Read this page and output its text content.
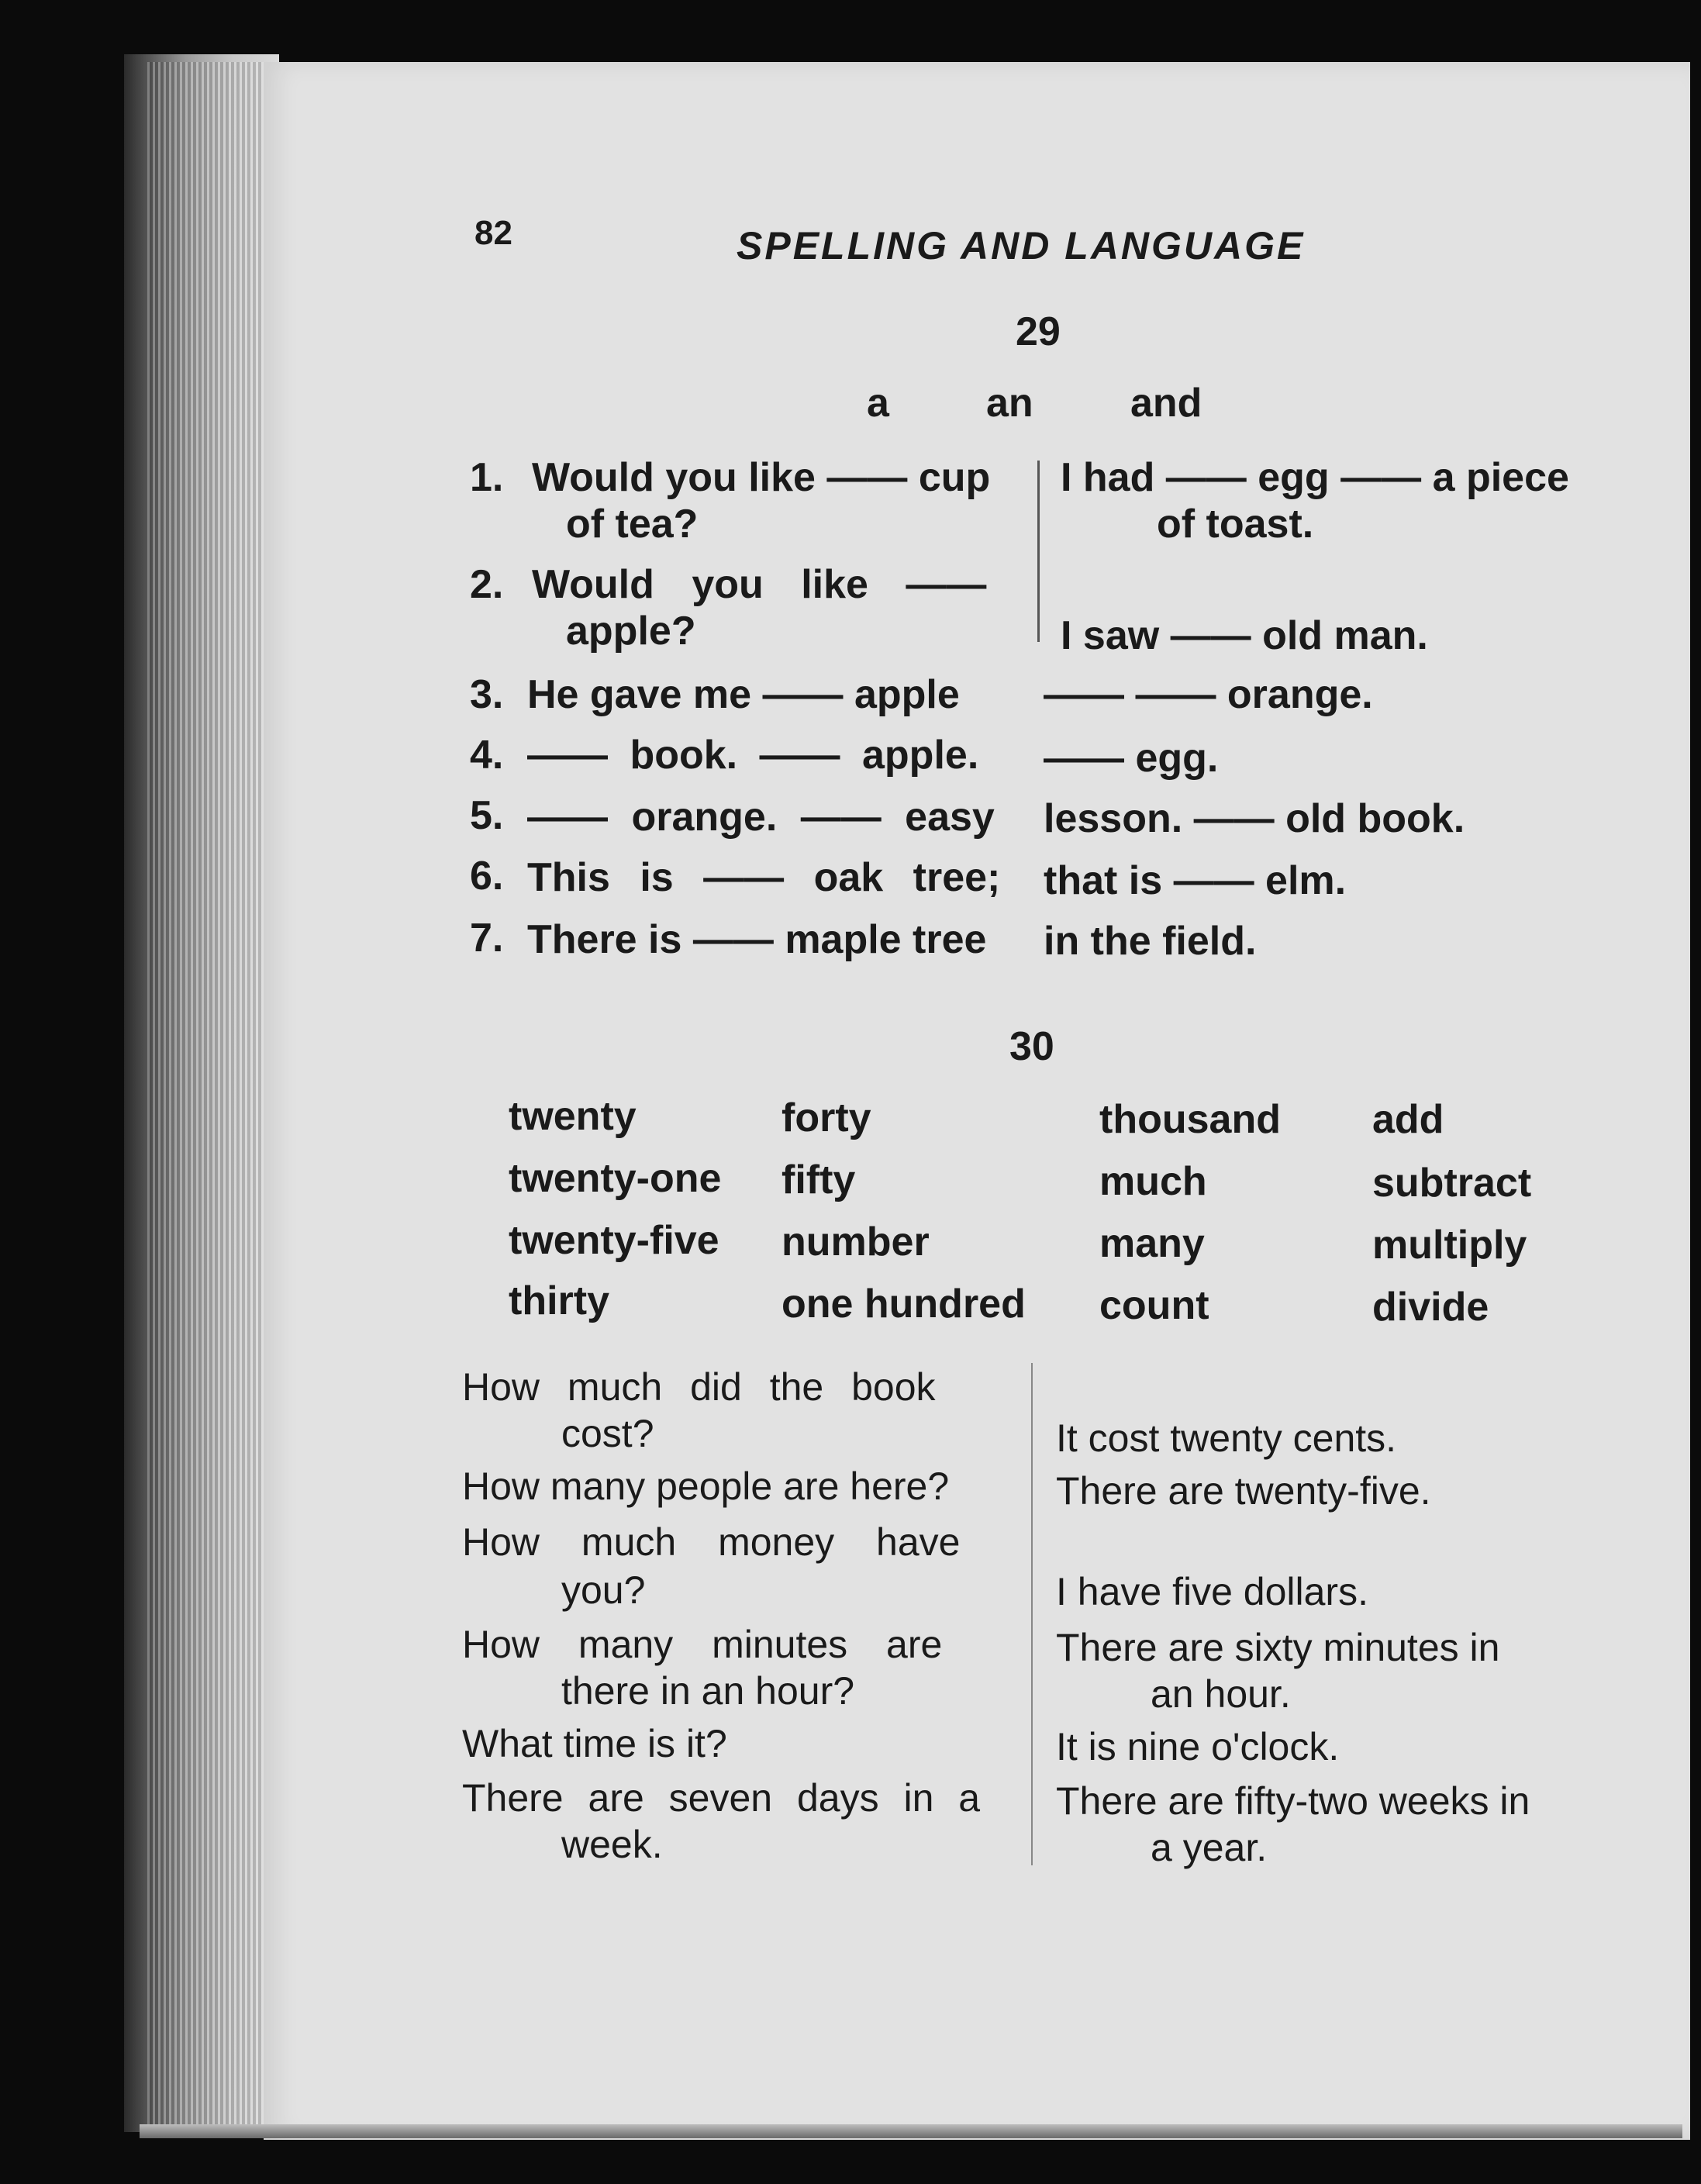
82	SPELLING AND LANGUAGE
29
a an and
1. Would you like —— cup
of tea?
I had —— egg —— a piece
of toast.
2. Would you like ——
apple?	I saw —— old man.
3. He gave me —— apple —— —— orange.
4. —— book. —— apple. —— egg.
5. —— orange. —— easy lesson. —— old book.
6. This is —— oak tree; that is —— elm.
7. There is —— maple tree in the field.
30
twenty
twenty-one
twenty-five
thirty
forty
fifty
number
one hundred
thousand
much
many
count
add
subtract
multiply
divide
How much did the book
cost?
How many people are here?
How much money have
you?
How many minutes are
there in an hour?
What time is it?
There are seven days in a
week.
It cost twenty cents.
There are twenty-five.
I have five dollars.
There are sixty minutes in
an hour.
It is nine o'clock.
There are fifty-two weeks in
a year.
